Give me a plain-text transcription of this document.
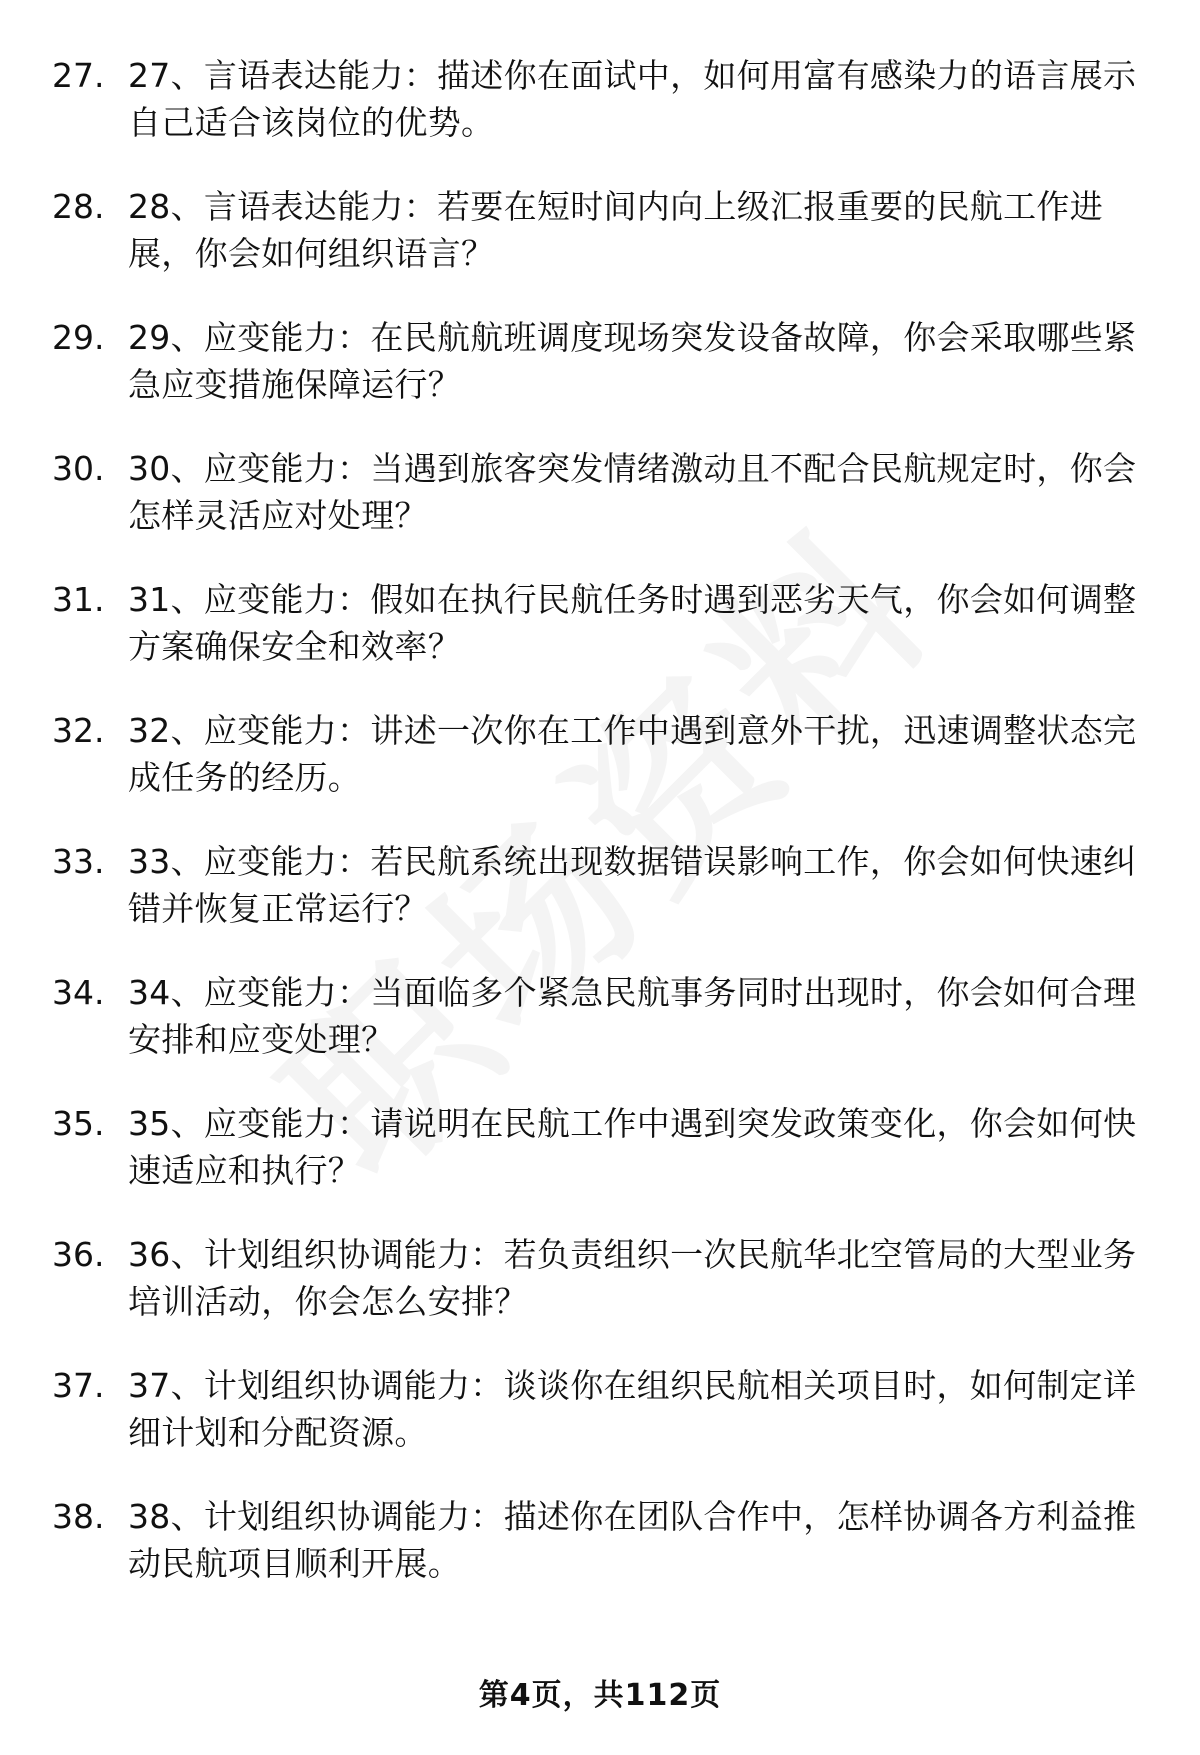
27. 27、言语表达能力：描述你在面试中，如何用富有感染力的语言展示自己适合该岗位的优势。
28. 28、言语表达能力：若要在短时间内向上级汇报重要的民航工作进展，你会如何组织语言？
29. 29、应变能力：在民航航班调度现场突发设备故障，你会采取哪些紧急应变措施保障运行？
30. 30、应变能力：当遇到旅客突发情绪激动且不配合民航规定时，你会怎样灵活应对处理？
31. 31、应变能力：假如在执行民航任务时遇到恶劣天气，你会如何调整方案确保安全和效率？
32. 32、应变能力：讲述一次你在工作中遇到意外干扰，迅速调整状态完成任务的经历。
33. 33、应变能力：若民航系统出现数据错误影响工作，你会如何快速纠错并恢复正常运行？
34. 34、应变能力：当面临多个紧急民航事务同时出现时，你会如何合理安排和应变处理？
35. 35、应变能力：请说明在民航工作中遇到突发政策变化，你会如何快速适应和执行？
36. 36、计划组织协调能力：若负责组织一次民航华北空管局的大型业务培训活动，你会怎么安排？
37. 37、计划组织协调能力：谈谈你在组织民航相关项目时，如何制定详细计划和分配资源。
38. 38、计划组织协调能力：描述你在团队合作中，怎样协调各方利益推动民航项目顺利开展。
第4页，共112页
